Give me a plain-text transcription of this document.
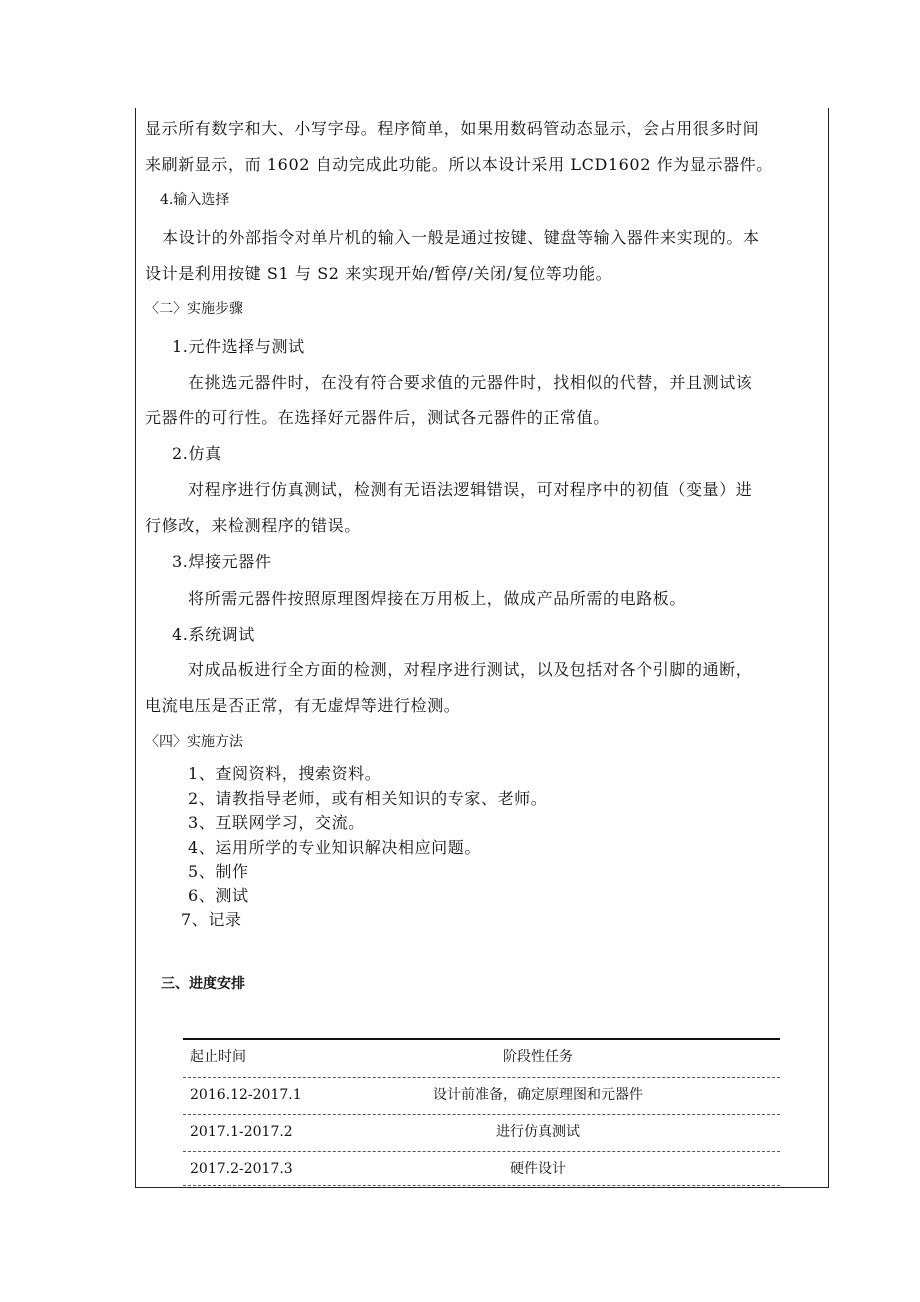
显示所有数字和大、小写字母。程序简单，如果用数码管动态显示，会占用很多时间
来刷新显示，而 1602 自动完成此功能。所以本设计采用 LCD1602 作为显示器件。
4.输入选择
本设计的外部指令对单片机的输入一般是通过按键、键盘等输入器件来实现的。本
设计是利用按键 S1 与 S2 来实现开始/暂停/关闭/复位等功能。
〈二〉实施步骤
1.元件选择与测试
在挑选元器件时，在没有符合要求值的元器件时，找相似的代替，并且测试该
元器件的可行性。在选择好元器件后，测试各元器件的正常值。
2.仿真
对程序进行仿真测试，检测有无语法逻辑错误，可对程序中的初值（变量）进
行修改，来检测程序的错误。
3.焊接元器件
将所需元器件按照原理图焊接在万用板上，做成产品所需的电路板。
4.系统调试
对成品板进行全方面的检测，对程序进行测试，以及包括对各个引脚的通断，
电流电压是否正常，有无虚焊等进行检测。
〈四〉实施方法
1、查阅资料，搜索资料。
2、请教指导老师，或有相关知识的专家、老师。
3、互联网学习，交流。
4、运用所学的专业知识解决相应问题。
5、制作
6、测试
7、记录
三、进度安排
起止时间	阶段性任务
2016.12-2017.1	设计前准备，确定原理图和元器件
2017.1-2017.2	进行仿真测试
2017.2-2017.3	硬件设计
